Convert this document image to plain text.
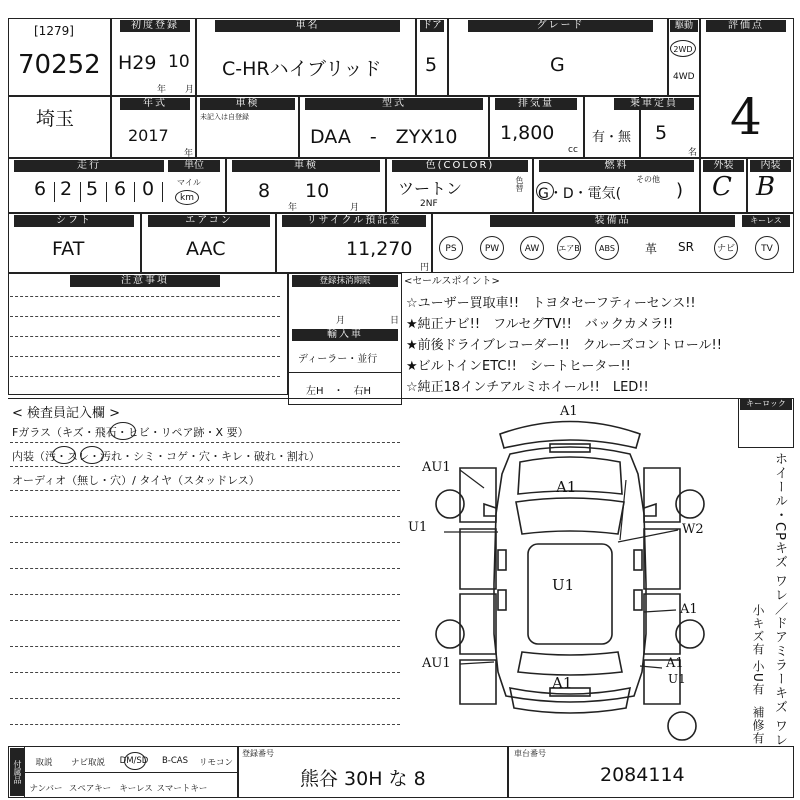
[1279]
70252
初度登録
H29 10
年 月
車名
C-HRハイブリッド
ドア
5
グレード
G
駆動
2WD
4WD
評価点
4
埼玉
年式
2017
年
車検
未記入は自登録
型式
DAA　-　ZYX10
排気量
1,800
cc
有・無
乗車定員
5
名
走行	単位
6 2 5 6 0	マイル
km
車検
8
年
10
月
色(COLOR)
ツートン
2NF
色替
燃料
G・D・電気(
その他
)
外装
C
内装
B
シフト
FAT
エアコン
AAC
リサイクル預託金
11,270
円
装備品	キーレス
PS	PW	AW	エアB	ABS	革 SR	ナビ	TV
注意事項	登録抹消期限
月	日
輸入車
ディーラー・並行
左H　・　右H
<セールスポイント>
☆ユーザー買取車!!　トヨタセーフティーセンス!!
★純正ナビ!!　フルセグTV!!　バックカメラ!!
★前後ドライブレコーダー!!　クルーズコントロール!!
★ビルトインETC!!　シートヒーター!!
☆純正18インチアルミホイール!!　LED!!
< 検査員記入欄 >
Fガラス（キズ・飛石・ヒビ・リペア跡・X 要）
内装（汚・スレ・汚れ・シミ・コゲ・穴・キレ・破れ・割れ）
オーディオ（無し・穴）/ タイヤ（スタッドレス）
A1
A1
AU1
U1	W2
U1
A1
AU1	A1
U1
A1
キーロック
ホイール・CPキズ ワレ／ドアミラーキズ ワレ
小キズ有
小U有
補修有
付属品	取説	ナビ取説	DM/SD	B-CAS	リモコン
ナンバー スペアキー キーレス スマートキー
登録番号
熊谷 30H な 8
車台番号
2084114
